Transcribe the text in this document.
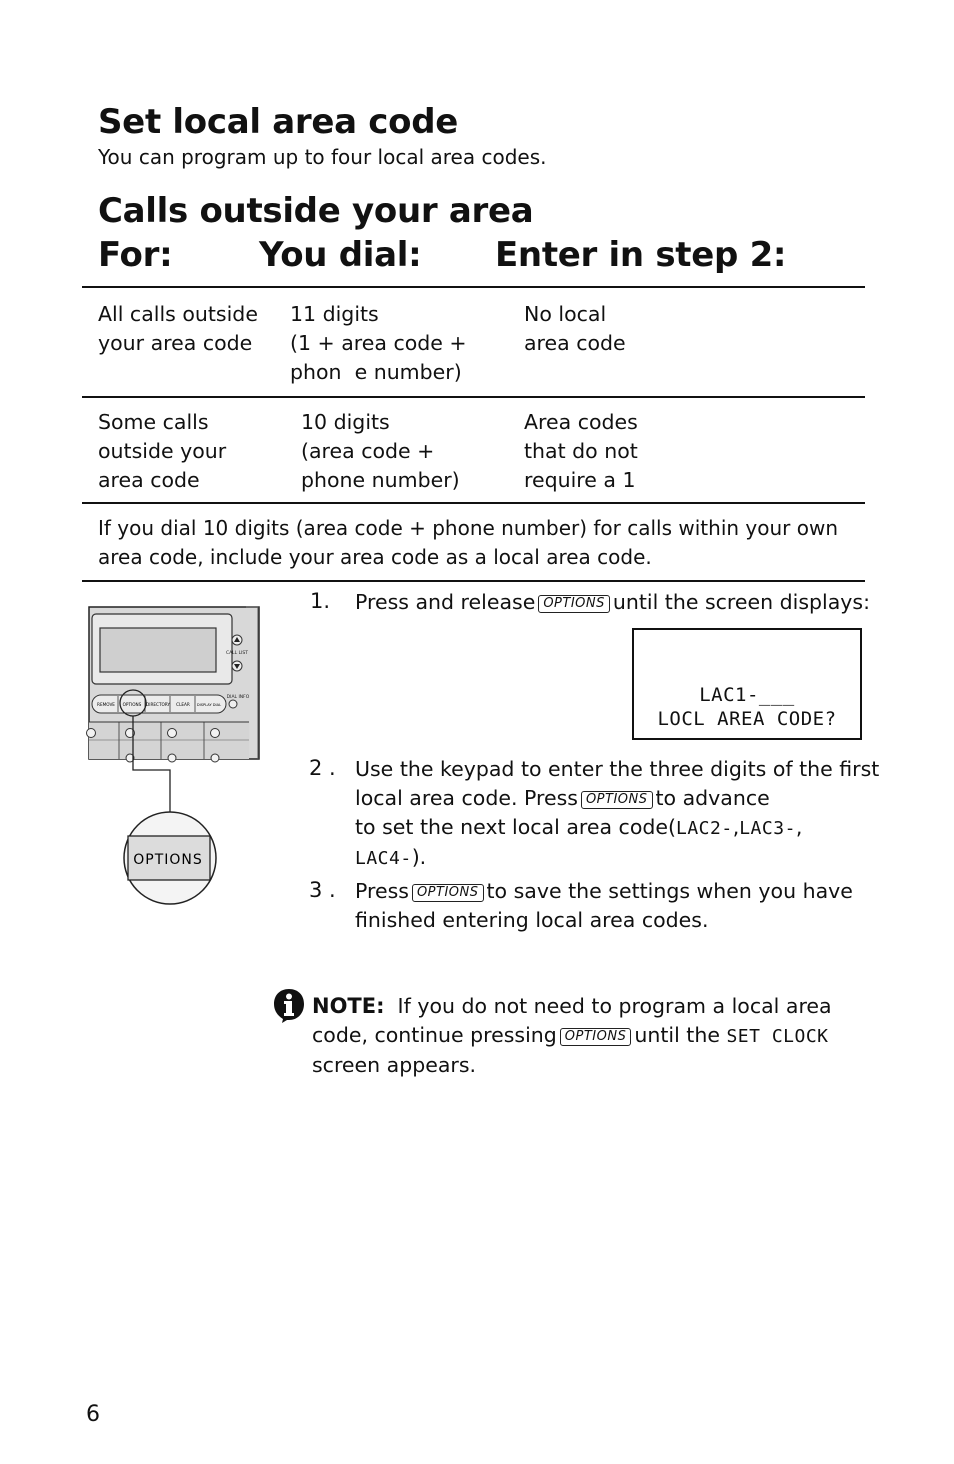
Set local area code
You can program up to four local area codes.
Calls outside your area
For:	You dial: Enter in step 2:
All calls outside
your area code
11 digits
(1 + area code +
phon  e number)
No local
area code
Some calls
outside your
area code
10 digits
(area code +
phone number)
Area codes
that do not
require a 1
If you dial 10 digits (area code + phone number) for calls within your own
area code, include your area code as a local area code.
CALL LIST
DIAL INFO
REMOVE OPTIONS DIRECTORY CLEAR DISPLAY DIAL
OPTIONS
1. Press and release OPTIONS until the screen displays:
LAC1-___
LOCL AREA CODE?
2 . Use the keypad to enter the three digits of the first
local area code. Press OPTIONS to advance
to set the next local area code(LAC2-,LAC3-,
LAC4-).
3 . Press OPTIONS to save the settings when you have
finished entering local area codes.
NOTE: If you do not need to program a local area
code, continue pressing OPTIONS until the SET CLOCK
screen appears.
6
